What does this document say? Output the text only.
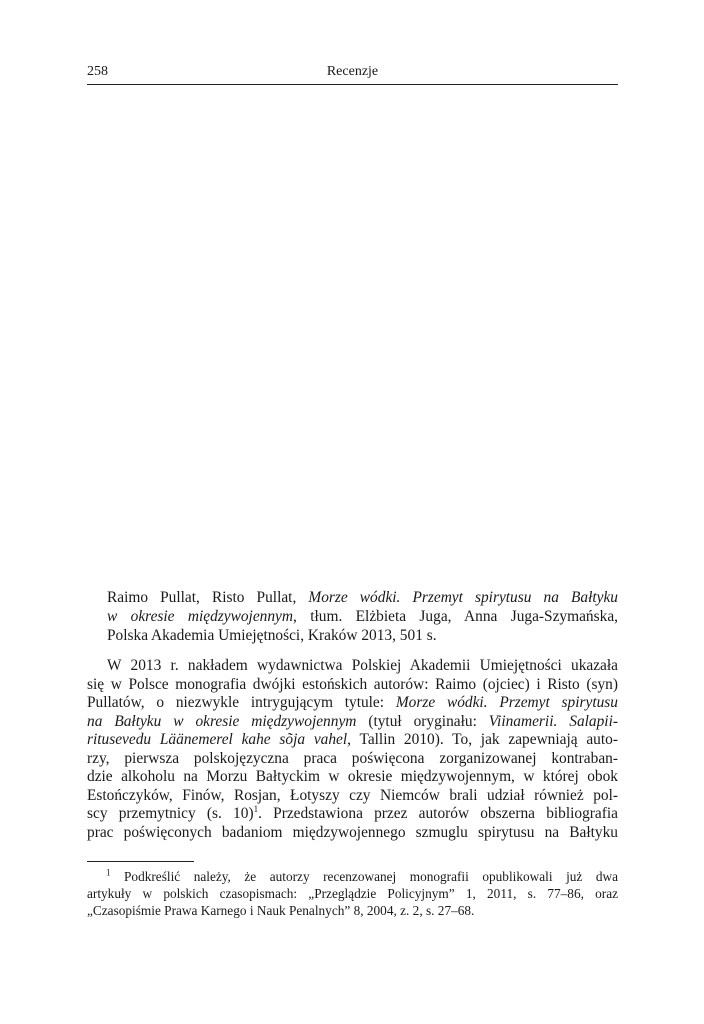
258	Recenzje
Raimo Pullat, Risto Pullat, Morze wódki. Przemyt spirytusu na Bałtyku
w okresie międzywojennym, tłum. Elżbieta Juga, Anna Juga-Szymańska,
Polska Akademia Umiejętności, Kraków 2013, 501 s.
W 2013 r. nakładem wydawnictwa Polskiej Akademii Umiejętności ukazała
się w Polsce monografia dwójki estońskich autorów: Raimo (ojciec) i Risto (syn)
Pullatów, o niezwykle intrygującym tytule: Morze wódki. Przemyt spirytusu
na Bałtyku w okresie międzywojennym (tytuł oryginału: Viinamerii. Salapii-
ritusevedu Läänemerel kahe sõja vahel, Tallin 2010). To, jak zapewniają auto-
rzy, pierwsza polskojęzyczna praca poświęcona zorganizowanej kontraban-
dzie alkoholu na Morzu Bałtyckim w okresie międzywojennym, w której obok
Estończyków, Finów, Rosjan, Łotyszy czy Niemców brali udział również pol-
scy przemytnicy (s. 10)$^1$. Przedstawiona przez autorów obszerna bibliografia
prac poświęconych badaniom międzywojennego szmuglu spirytusu na Bałtyku
$^1$ Podkreślić należy, że autorzy recenzowanej monografii opublikowali już dwa
artykuły w polskich czasopismach: „Przeglądzie Policyjnym” 1, 2011, s. 77–86, oraz
„Czasopiśmie Prawa Karnego i Nauk Penalnych” 8, 2004, z. 2, s. 27–68.
